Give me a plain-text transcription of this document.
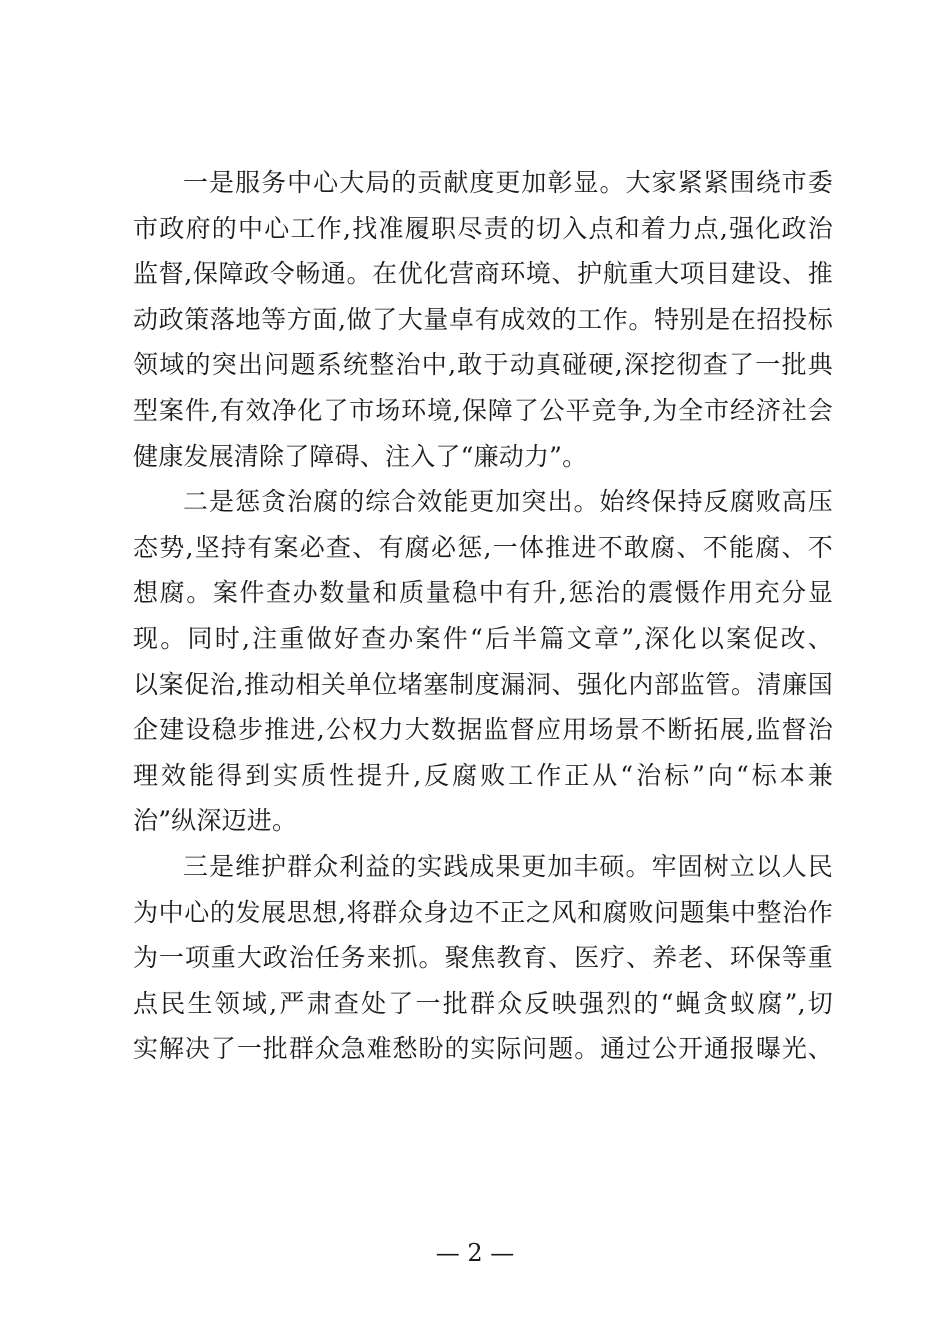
一是服务中心大局的贡献度更加彰显。大家紧紧围绕市委
市政府的中心工作,找准履职尽责的切入点和着力点,强化政治
监督,保障政令畅通。在优化营商环境、护航重大项目建设、推
动政策落地等方面,做了大量卓有成效的工作。特别是在招投标
领域的突出问题系统整治中,敢于动真碰硬,深挖彻查了一批典
型案件,有效净化了市场环境,保障了公平竞争,为全市经济社会
健康发展清除了障碍、注入了“廉动力”。
二是惩贪治腐的综合效能更加突出。始终保持反腐败高压
态势,坚持有案必查、有腐必惩,一体推进不敢腐、不能腐、不
想腐。案件查办数量和质量稳中有升,惩治的震慑作用充分显
现。同时,注重做好查办案件“后半篇文章”,深化以案促改、
以案促治,推动相关单位堵塞制度漏洞、强化内部监管。清廉国
企建设稳步推进,公权力大数据监督应用场景不断拓展,监督治
理效能得到实质性提升,反腐败工作正从“治标”向“标本兼
治”纵深迈进。
三是维护群众利益的实践成果更加丰硕。牢固树立以人民
为中心的发展思想,将群众身边不正之风和腐败问题集中整治作
为一项重大政治任务来抓。聚焦教育、医疗、养老、环保等重
点民生领域,严肃查处了一批群众反映强烈的“蝇贪蚁腐”,切
实解决了一批群众急难愁盼的实际问题。通过公开通报曝光、
— 2 —
